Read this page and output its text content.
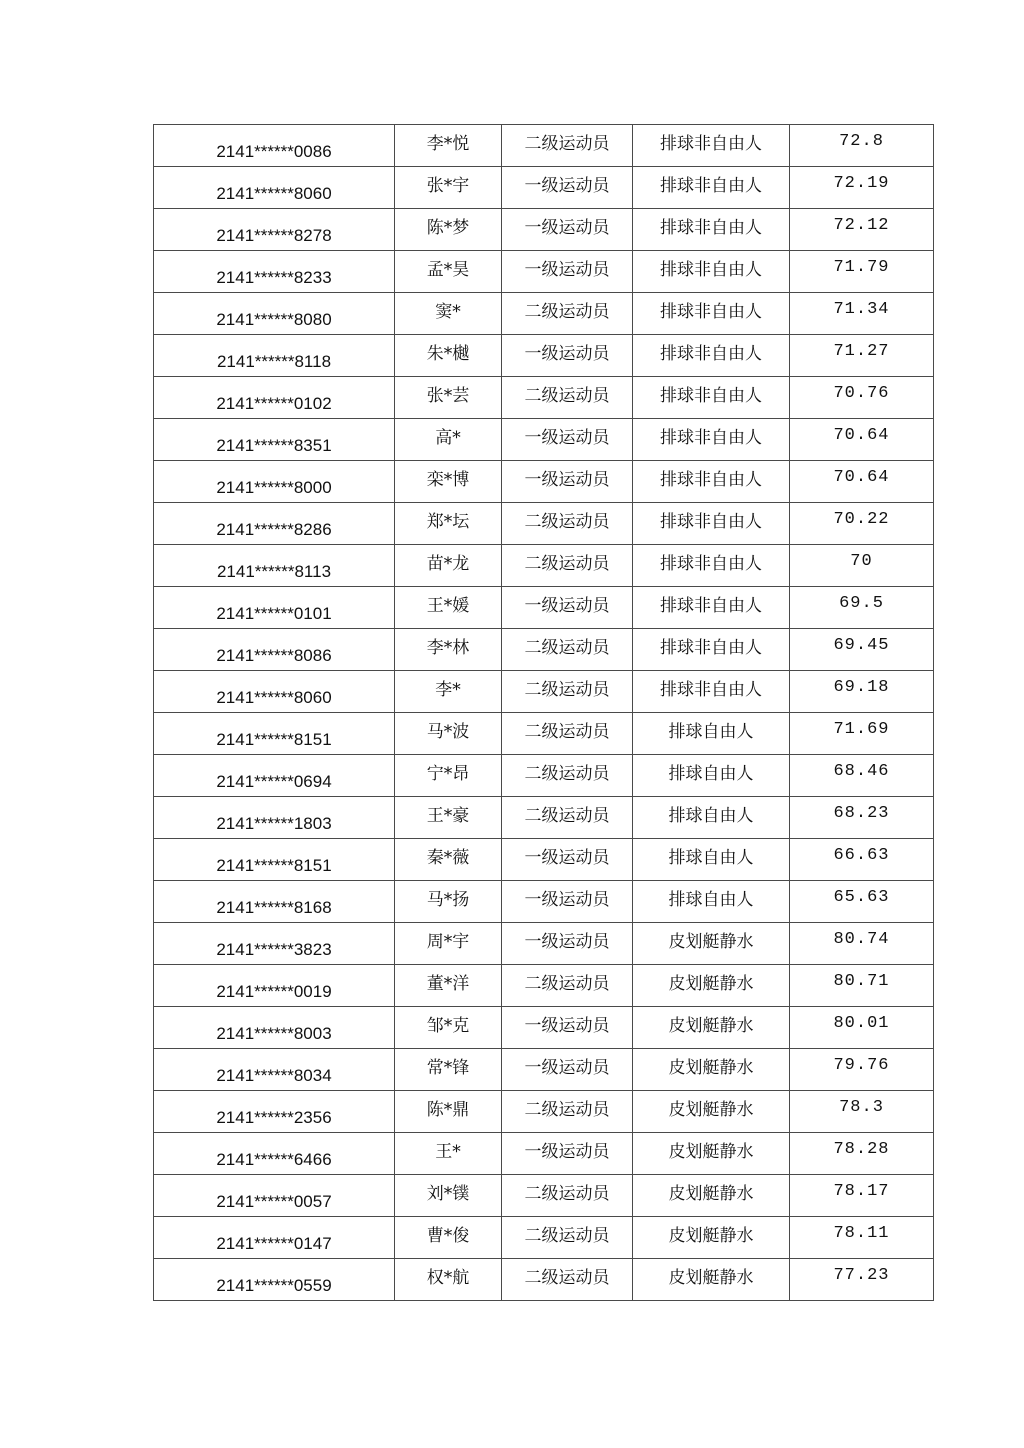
2141******0086	李*悦	二级运动员	排球非自由人	72.8
2141******8060	张*宇	一级运动员	排球非自由人	72.19
2141******8278	陈*梦	一级运动员	排球非自由人	72.12
2141******8233	孟*昊	一级运动员	排球非自由人	71.79
2141******8080	窦*	二级运动员	排球非自由人	71.34
2141******8118	朱*樾	一级运动员	排球非自由人	71.27
2141******0102	张*芸	二级运动员	排球非自由人	70.76
2141******8351	高*	一级运动员	排球非自由人	70.64
2141******8000	栾*博	一级运动员	排球非自由人	70.64
2141******8286	郑*坛	二级运动员	排球非自由人	70.22
2141******8113	苗*龙	二级运动员	排球非自由人	70
2141******0101	王*媛	一级运动员	排球非自由人	69.5
2141******8086	李*林	二级运动员	排球非自由人	69.45
2141******8060	李*	二级运动员	排球非自由人	69.18
2141******8151	马*波	二级运动员	排球自由人	71.69
2141******0694	宁*昂	二级运动员	排球自由人	68.46
2141******1803	王*豪	二级运动员	排球自由人	68.23
2141******8151	秦*薇	一级运动员	排球自由人	66.63
2141******8168	马*扬	一级运动员	排球自由人	65.63
2141******3823	周*宇	一级运动员	皮划艇静水	80.74
2141******0019	董*洋	二级运动员	皮划艇静水	80.71
2141******8003	邹*克	一级运动员	皮划艇静水	80.01
2141******8034	常*锋	一级运动员	皮划艇静水	79.76
2141******2356	陈*鼎	二级运动员	皮划艇静水	78.3
2141******6466	王*	一级运动员	皮划艇静水	78.28
2141******0057	刘*镤	二级运动员	皮划艇静水	78.17
2141******0147	曹*俊	二级运动员	皮划艇静水	78.11
2141******0559	权*航	二级运动员	皮划艇静水	77.23
